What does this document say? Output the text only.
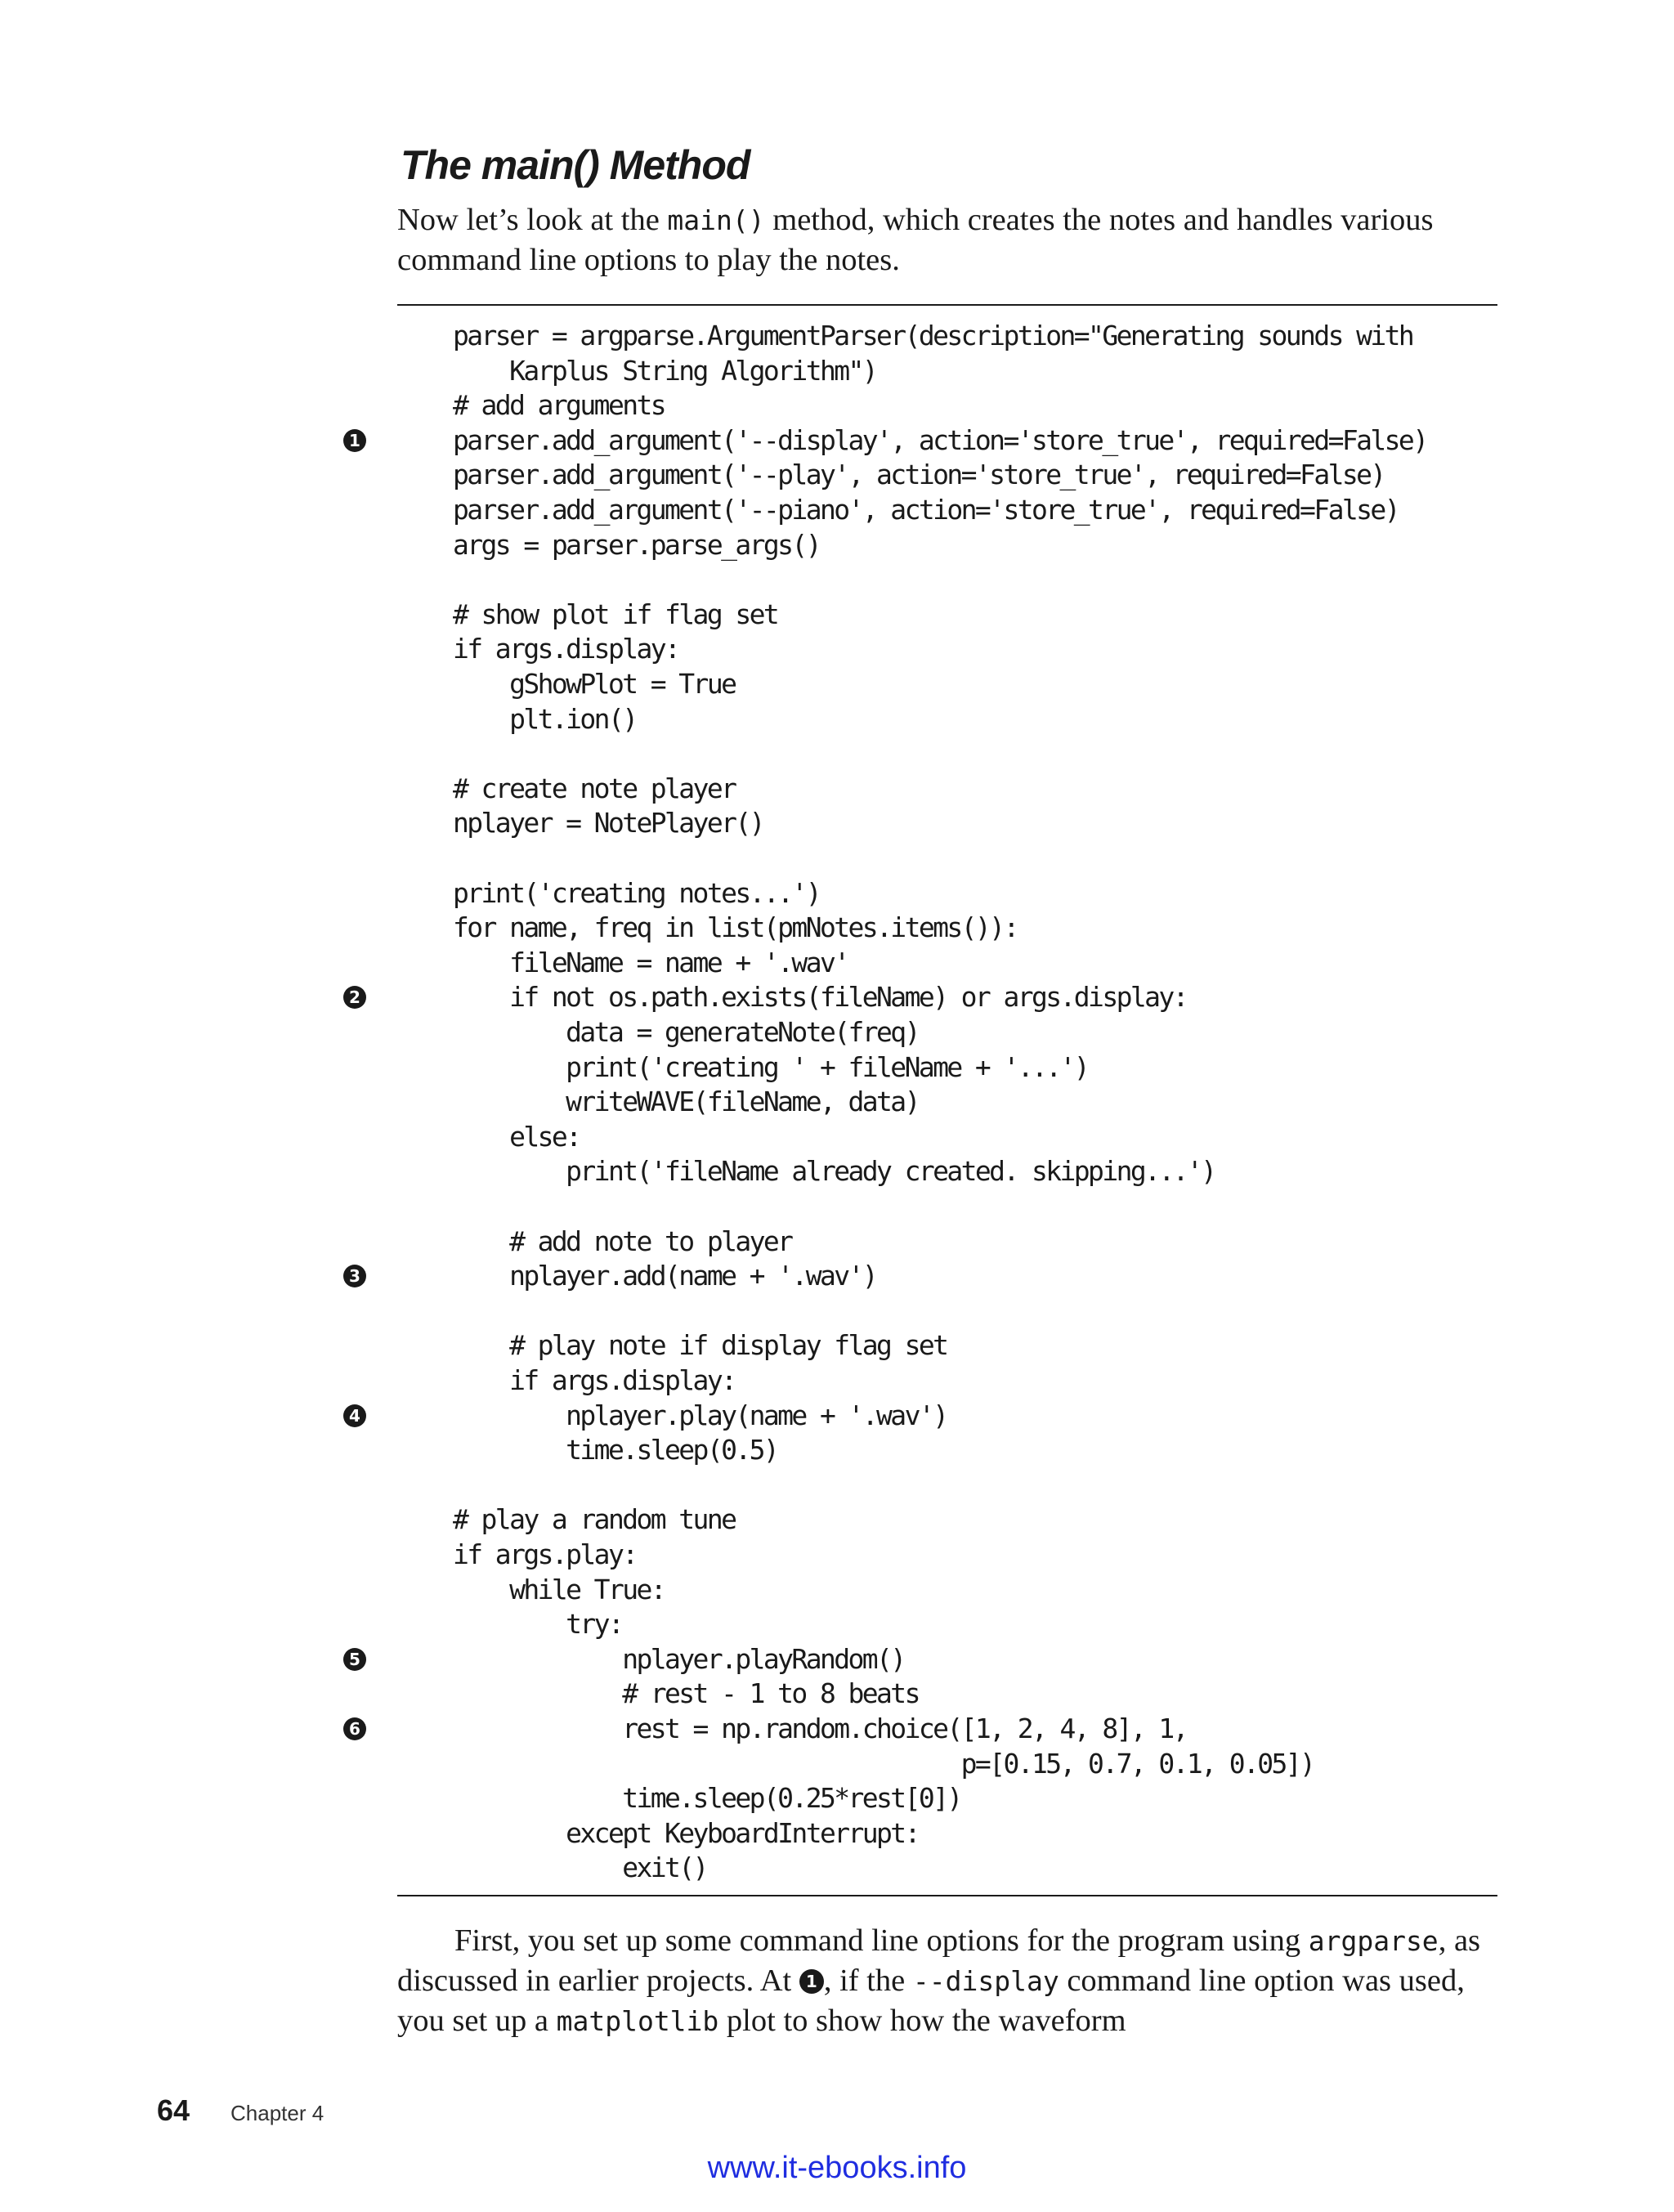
The main() Method

Now let’s look at the main() method, which creates the notes and handles various command line options to play the notes.

parser = argparse.ArgumentParser(description="Generating sounds with
Karplus String Algorithm")
# add arguments
1	parser.add_argument('--display', action='store_true', required=False)
parser.add_argument('--play', action='store_true', required=False)
parser.add_argument('--piano', action='store_true', required=False)
args = parser.parse_args()
# show plot if flag set
if args.display:
gShowPlot = True
plt.ion()
# create note player
nplayer = NotePlayer()
print('creating notes...')
for name, freq in list(pmNotes.items()):
fileName = name + '.wav'
2	if not os.path.exists(fileName) or args.display:
data = generateNote(freq)
print('creating ' + fileName + '...')
writeWAVE(fileName, data)
else:
print('fileName already created. skipping...')
# add note to player
3	nplayer.add(name + '.wav')
# play note if display flag set
if args.display:
4	nplayer.play(name + '.wav')
time.sleep(0.5)
# play a random tune
if args.play:
while True:
try:
5	nplayer.playRandom()
# rest - 1 to 8 beats
6	rest = np.random.choice([1, 2, 4, 8], 1,
p=[0.15, 0.7, 0.1, 0.05])
time.sleep(0.25*rest[0])
except KeyboardInterrupt:
exit()

First, you set up some command line options for the program using argparse, as discussed in earlier projects. At 1 , if the --display command line option was used, you set up a matplotlib plot to show how the waveform

64 Chapter 4
www.it-ebooks.info
